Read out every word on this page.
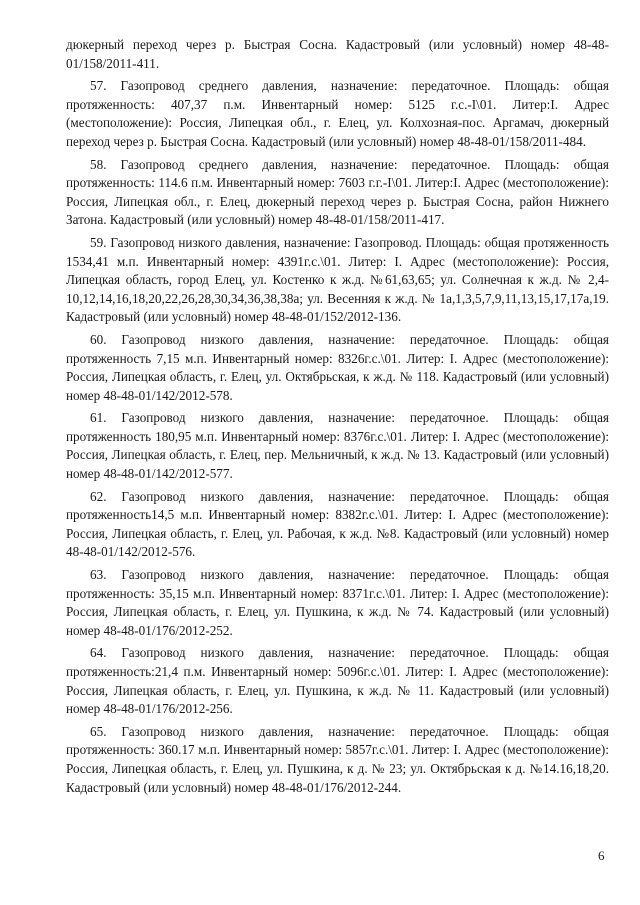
дюкерный переход через р. Быстрая Сосна. Кадастровый (или условный) номер 48-48-01/158/2011-411.

57. Газопровод среднего давления, назначение: передаточное. Площадь: общая протяженность: 407,37 п.м. Инвентарный номер: 5125 г.с.-I\01. Литер:I. Адрес (местоположение): Россия, Липецкая обл., г. Елец, ул. Колхозная-пос. Аргамач, дюкерный переход через р. Быстрая Сосна. Кадастровый (или условный) номер 48-48-01/158/2011-484.

58. Газопровод среднего давления, назначение: передаточное. Площадь: общая протяженность: 114.6 п.м. Инвентарный номер: 7603 г.г.-I\01. Литер:I. Адрес (местоположение): Россия, Липецкая обл., г. Елец, дюкерный переход через р. Быстрая Сосна, район Нижнего Затона. Кадастровый (или условный) номер 48-48-01/158/2011-417.

59. Газопровод низкого давления, назначение: Газопровод. Площадь: общая протяженность 1534,41 м.п. Инвентарный номер: 4391г.с.\01. Литер: I. Адрес (местоположение): Россия, Липецкая область, город Елец, ул. Костенко к ж.д. №61,63,65; ул. Солнечная к ж.д. № 2,4-10,12,14,16,18,20,22,26,28,30,34,36,38,38а; ул. Весенняя к ж.д. № 1а,1,3,5,7,9,11,13,15,17,17а,19. Кадастровый (или условный) номер 48-48-01/152/2012-136.

60. Газопровод низкого давления, назначение: передаточное. Площадь: общая протяженность 7,15 м.п. Инвентарный номер: 8326г.с.\01. Литер: I. Адрес (местоположение): Россия, Липецкая область, г. Елец, ул. Октябрьская, к ж.д. № 118. Кадастровый (или условный) номер 48-48-01/142/2012-578.

61. Газопровод низкого давления, назначение: передаточное. Площадь: общая протяженность 180,95 м.п. Инвентарный номер: 8376г.с.\01. Литер: I. Адрес (местоположение): Россия, Липецкая область, г. Елец, пер. Мельничный, к ж.д. № 13. Кадастровый (или условный) номер 48-48-01/142/2012-577.

62. Газопровод низкого давления, назначение: передаточное. Площадь: общая протяженность14,5 м.п. Инвентарный номер: 8382г.с.\01. Литер: I. Адрес (местоположение): Россия, Липецкая область, г. Елец, ул. Рабочая, к ж.д. №8. Кадастровый (или условный) номер 48-48-01/142/2012-576.

63. Газопровод низкого давления, назначение: передаточное. Площадь: общая протяженность: 35,15 м.п. Инвентарный номер: 8371г.с.\01. Литер: I. Адрес (местоположение): Россия, Липецкая область, г. Елец, ул. Пушкина, к ж.д. № 74. Кадастровый (или условный) номер 48-48-01/176/2012-252.

64. Газопровод низкого давления, назначение: передаточное. Площадь: общая протяженность:21,4 п.м. Инвентарный номер: 5096г.с.\01. Литер: I. Адрес (местоположение): Россия, Липецкая область, г. Елец, ул. Пушкина, к ж.д. № 11. Кадастровый (или условный) номер 48-48-01/176/2012-256.

65. Газопровод низкого давления, назначение: передаточное. Площадь: общая протяженность: 360.17 м.п. Инвентарный номер: 5857г.с.\01. Литер: I. Адрес (местоположение): Россия, Липецкая область, г. Елец, ул. Пушкина, к д. № 23; ул. Октябрьская к д. №14.16,18,20. Кадастровый (или условный) номер 48-48-01/176/2012-244.

6
